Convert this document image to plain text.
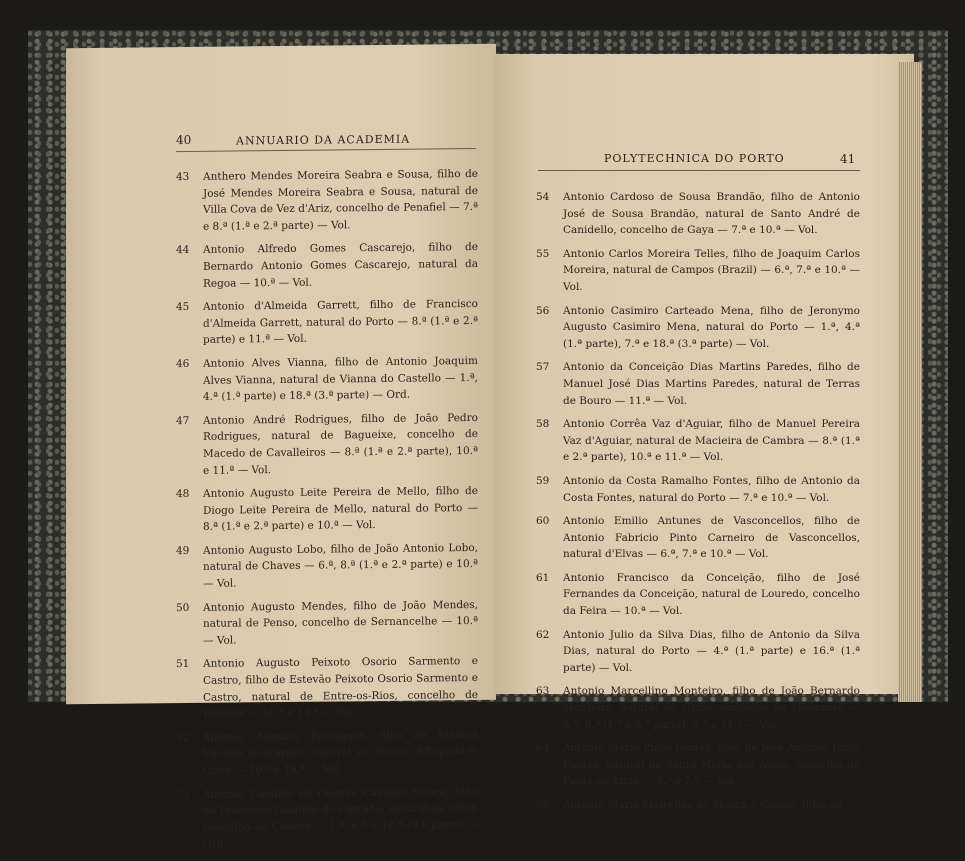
40	ANNUARIO DA ACADEMIA
43 Anthero Mendes Moreira Seabra e Sousa, filho de José Mendes Moreira Seabra e Sousa, natural de Villa Cova de Vez d'Ariz, concelho de Penafiel — 7.ª e 8.ª (1.ª e 2.ª parte) — Vol.
44 Antonio Alfredo Gomes Cascarejo, filho de Bernardo Antonio Gomes Cascarejo, natural da Regoa — 10.ª — Vol.
45 Antonio d'Almeida Garrett, filho de Francisco d'Almeida Garrett, natural do Porto — 8.ª (1.ª e 2.ª parte) e 11.ª — Vol.
46 Antonio Alves Vianna, filho de Antonio Joaquim Alves Vianna, natural de Vianna do Castello — 1.ª, 4.ª (1.ª parte) e 18.ª (3.ª parte) — Ord.
47 Antonio André Rodrigues, filho de João Pedro Rodrigues, natural de Bagueixe, concelho de Macedo de Cavalleiros — 8.ª (1.ª e 2.ª parte), 10.ª e 11.ª — Vol.
48 Antonio Augusto Leite Pereira de Mello, filho de Diogo Leite Pereira de Mello, natural do Porto — 8.ª (1.ª e 2.ª parte) e 10.ª — Vol.
49 Antonio Augusto Lobo, filho de João Antonio Lobo, natural de Chaves — 6.ª, 8.ª (1.ª e 2.ª parte) e 10.ª — Vol.
50 Antonio Augusto Mendes, filho de João Mendes, natural de Penso, concelho de Sernancelhe — 10.ª — Vol.
51 Antonio Augusto Peixoto Osorio Sarmento e Castro, filho de Estevão Peixoto Osorio Sarmento e Castro, natural de Entre-os-Rios, concelho de Penafiel — 10.ª e 11.ª — Vol.
52 Antonio Augusto Rodrigues, filho de Manuel Vicente Rodrigues, natural de Freixo d'Espada-á-Cinta — 10.ª e 16.ª — Vol.
53 Antonio Candido de Gouvêa Castilho Nobre, filho de Francisco Joaquim de Castilho, natural de Villar, concelho de Chaves — 1.ª, 6.ª e 18.ª (3.ª parte) — Ord.
POLYTECHNICA DO PORTO	41
54 Antonio Cardoso de Sousa Brandão, filho de Antonio José de Sousa Brandão, natural de Santo André de Canidello, concelho de Gaya — 7.ª e 10.ª — Vol.
55 Antonio Carlos Moreira Telles, filho de Joaquim Carlos Moreira, natural de Campos (Brazil) — 6.ª, 7.ª e 10.ª — Vol.
56 Antonio Casimiro Carteado Mena, filho de Jeronymo Augusto Casimiro Mena, natural do Porto — 1.ª, 4.ª (1.ª parte), 7.ª e 18.ª (3.ª parte) — Vol.
57 Antonio da Conceição Dias Martins Paredes, filho de Manuel José Dias Martins Paredes, natural de Terras de Bouro — 11.ª — Vol.
58 Antonio Corrêa Vaz d'Aguiar, filho de Manuel Pereira Vaz d'Aguiar, natural de Macieira de Cambra — 8.ª (1.ª e 2.ª parte), 10.ª e 11.ª — Vol.
59 Antonio da Costa Ramalho Fontes, filho de Antonio da Costa Fontes, natural do Porto — 7.ª e 10.ª — Vol.
60 Antonio Emilio Antunes de Vasconcellos, filho de Antonio Fabricio Pinto Carneiro de Vasconcellos, natural d'Elvas — 6.ª, 7.ª e 10.ª — Vol.
61 Antonio Francisco da Conceição, filho de José Fernandes da Conceição, natural de Louredo, concelho da Feira — 10.ª — Vol.
62 Antonio Julio da Silva Dias, filho de Antonio da Silva Dias, natural do Porto — 4.ª (1.ª parte) e 16.ª (1.ª parte) — Vol.
63 Antonio Marcellino Monteiro, filho de João Bernardo Monteiro, natural de Urros, concelho de Moncorvo — 2.ª, 8.ª (1.ª e 2.ª parte), 9.ª e 11.ª — Vol.
64 Antonio Maria Pinto Fontes, filho de José Antonio Pinto Fontes, natural de Santa Maria dos Anjos, concelho de Ponte de Lima — 6.ª e 7.ª — Vol.
65 Antonio Mario Meirelles de Moura e Castro, filho de
